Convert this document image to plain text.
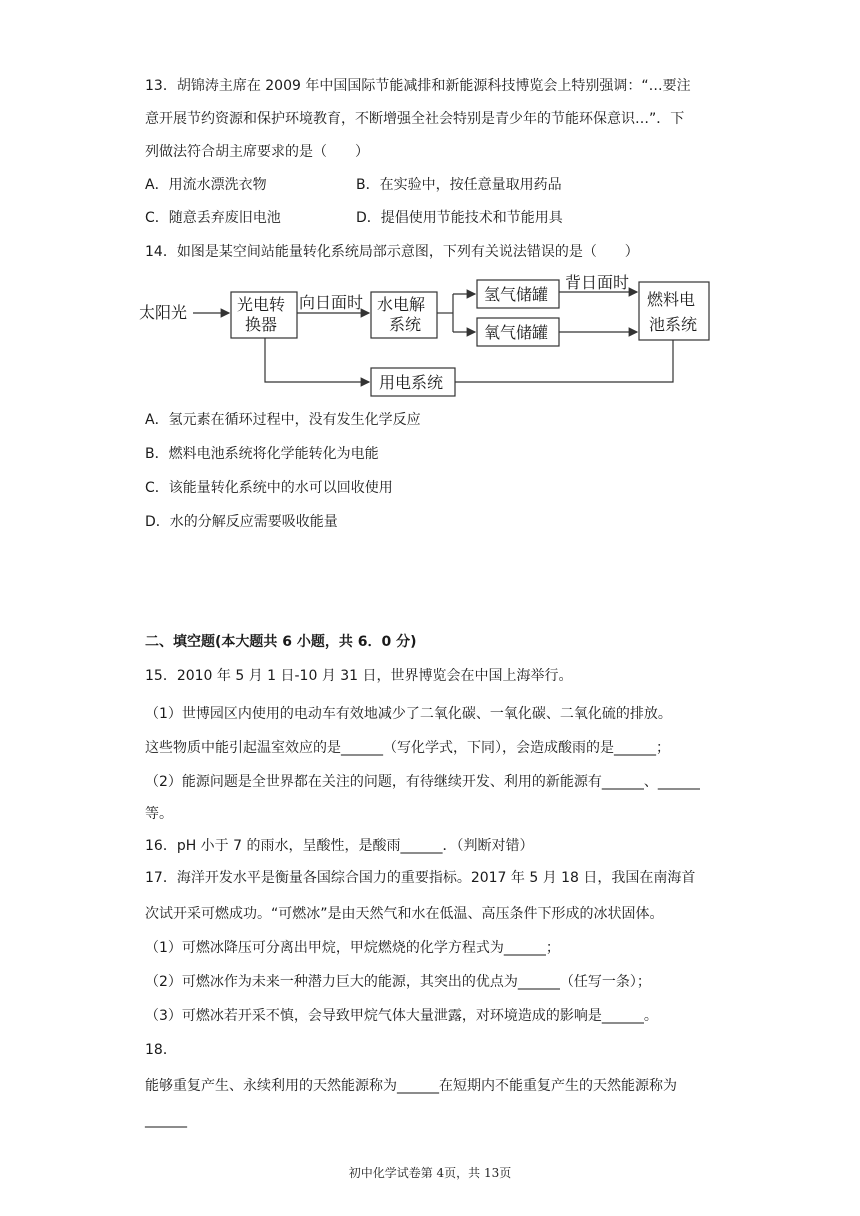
13．胡锦涛主席在 2009 年中国国际节能减排和新能源科技博览会上特别强调：“…要注
意开展节约资源和保护环境教育，不断增强全社会特别是青少年的节能环保意识…”．下
列做法符合胡主席要求的是（　　）
A．用流水漂洗衣物	B．在实验中，按任意量取用药品
C．随意丢弃废旧电池	D．提倡使用节能技术和节能用具
14．如图是某空间站能量转化系统局部示意图，下列有关说法错误的是（　　）
太阳光	光电转
换器
向日面时 水电解
系统
氢气储罐
氧气储罐
背日面时
燃料电
池系统
用电系统
A．氢元素在循环过程中，没有发生化学反应
B．燃料电池系统将化学能转化为电能
C．该能量转化系统中的水可以回收使用
D．水的分解反应需要吸收能量
二、填空题(本大题共 6 小题，共 6．0 分)
15．2010 年 5 月 1 日-10 月 31 日，世界博览会在中国上海举行。
（1）世博园区内使用的电动车有效地减少了二氧化碳、一氧化碳、二氧化硫的排放。
这些物质中能引起温室效应的是______（写化学式，下同），会造成酸雨的是______；
（2）能源问题是全世界都在关注的问题，有待继续开发、利用的新能源有______、______
等。
16．pH 小于 7 的雨水，呈酸性，是酸雨______．（判断对错）
17．海洋开发水平是衡量各国综合国力的重要指标。2017 年 5 月 18 日，我国在南海首
次试开采可燃成功。“可燃冰”是由天然气和水在低温、高压条件下形成的冰状固体。
（1）可燃冰降压可分离出甲烷，甲烷燃烧的化学方程式为______；
（2）可燃冰作为未来一种潜力巨大的能源，其突出的优点为______（任写一条）；
（3）可燃冰若开采不慎，会导致甲烷气体大量泄露，对环境造成的影响是______。
18．
能够重复产生、永续利用的天然能源称为______在短期内不能重复产生的天然能源称为
______
初中化学试卷第 4页，共 13页
